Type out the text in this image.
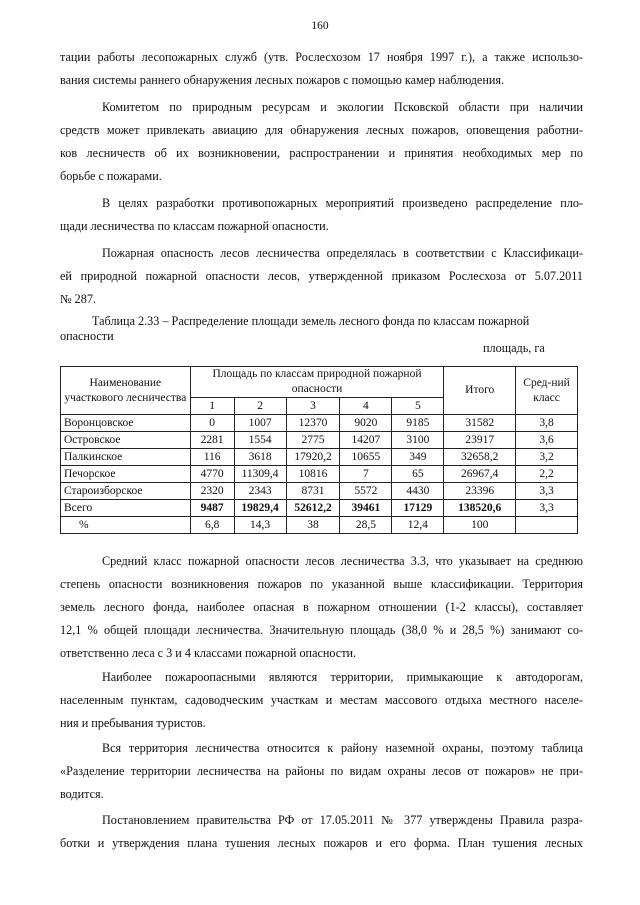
160
тации работы лесопожарных служб (утв. Рослесхозом 17 ноября 1997 г.), а также использо-
вания системы раннего обнаружения лесных пожаров с помощью камер наблюдения.
Комитетом по природным ресурсам и экологии Псковской области при наличии
средств может привлекать авиацию для обнаружения лесных пожаров, оповещения работни-
ков лесничеств об их возникновении, распространении и принятия необходимых мер по
борьбе с пожарами.
В целях разработки противопожарных мероприятий произведено распределение пло-
щади лесничества по классам пожарной опасности.
Пожарная опасность лесов лесничества определялась в соответствии с Классификаци-
ей природной пожарной опасности лесов, утвержденной приказом Рослесхоза от 5.07.2011
№ 287.
Таблица 2.33 – Распределение площади земель лесного фонда по классам пожарной
опасности
площадь, га
Наименование участкового лесничества	Площадь по классам природной пожарной опасности					Итого	Сред-ний класс
	1	2	3	4	5		
Воронцовское	0	1007	12370	9020	9185	31582	3,8
Островское	2281	1554	2775	14207	3100	23917	3,6
Палкинское	116	3618	17920,2	10655	349	32658,2	3,2
Печорское	4770	11309,4	10816	7	65	26967,4	2,2
Староизборское	2320	2343	8731	5572	4430	23396	3,3
Всего	9487	19829,4	52612,2	39461	17129	138520,6	3,3
%	6,8	14,3	38	28,5	12,4	100	
Средний класс пожарной опасности лесов лесничества 3.3, что указывает на среднюю
степень опасности возникновения пожаров по указанной выше классификации. Территория
земель лесного фонда, наиболее опасная в пожарном отношении (1-2 классы), составляет
12,1 % общей площади лесничества. Значительную площадь (38,0 % и 28,5 %) занимают со-
ответственно леса с 3 и 4 классами пожарной опасности.
Наиболее пожароопасными являются территории, примыкающие к автодорогам,
населенным пунктам, садоводческим участкам и местам массового отдыха местного населе-
ния и пребывания туристов.
Вся территория лесничества относится к району наземной охраны, поэтому таблица
«Разделение территории лесничества на районы по видам охраны лесов от пожаров» не при-
водится.
Постановлением правительства РФ от 17.05.2011 № 377 утверждены Правила разра-
ботки и утверждения плана тушения лесных пожаров и его форма. План тушения лесных
